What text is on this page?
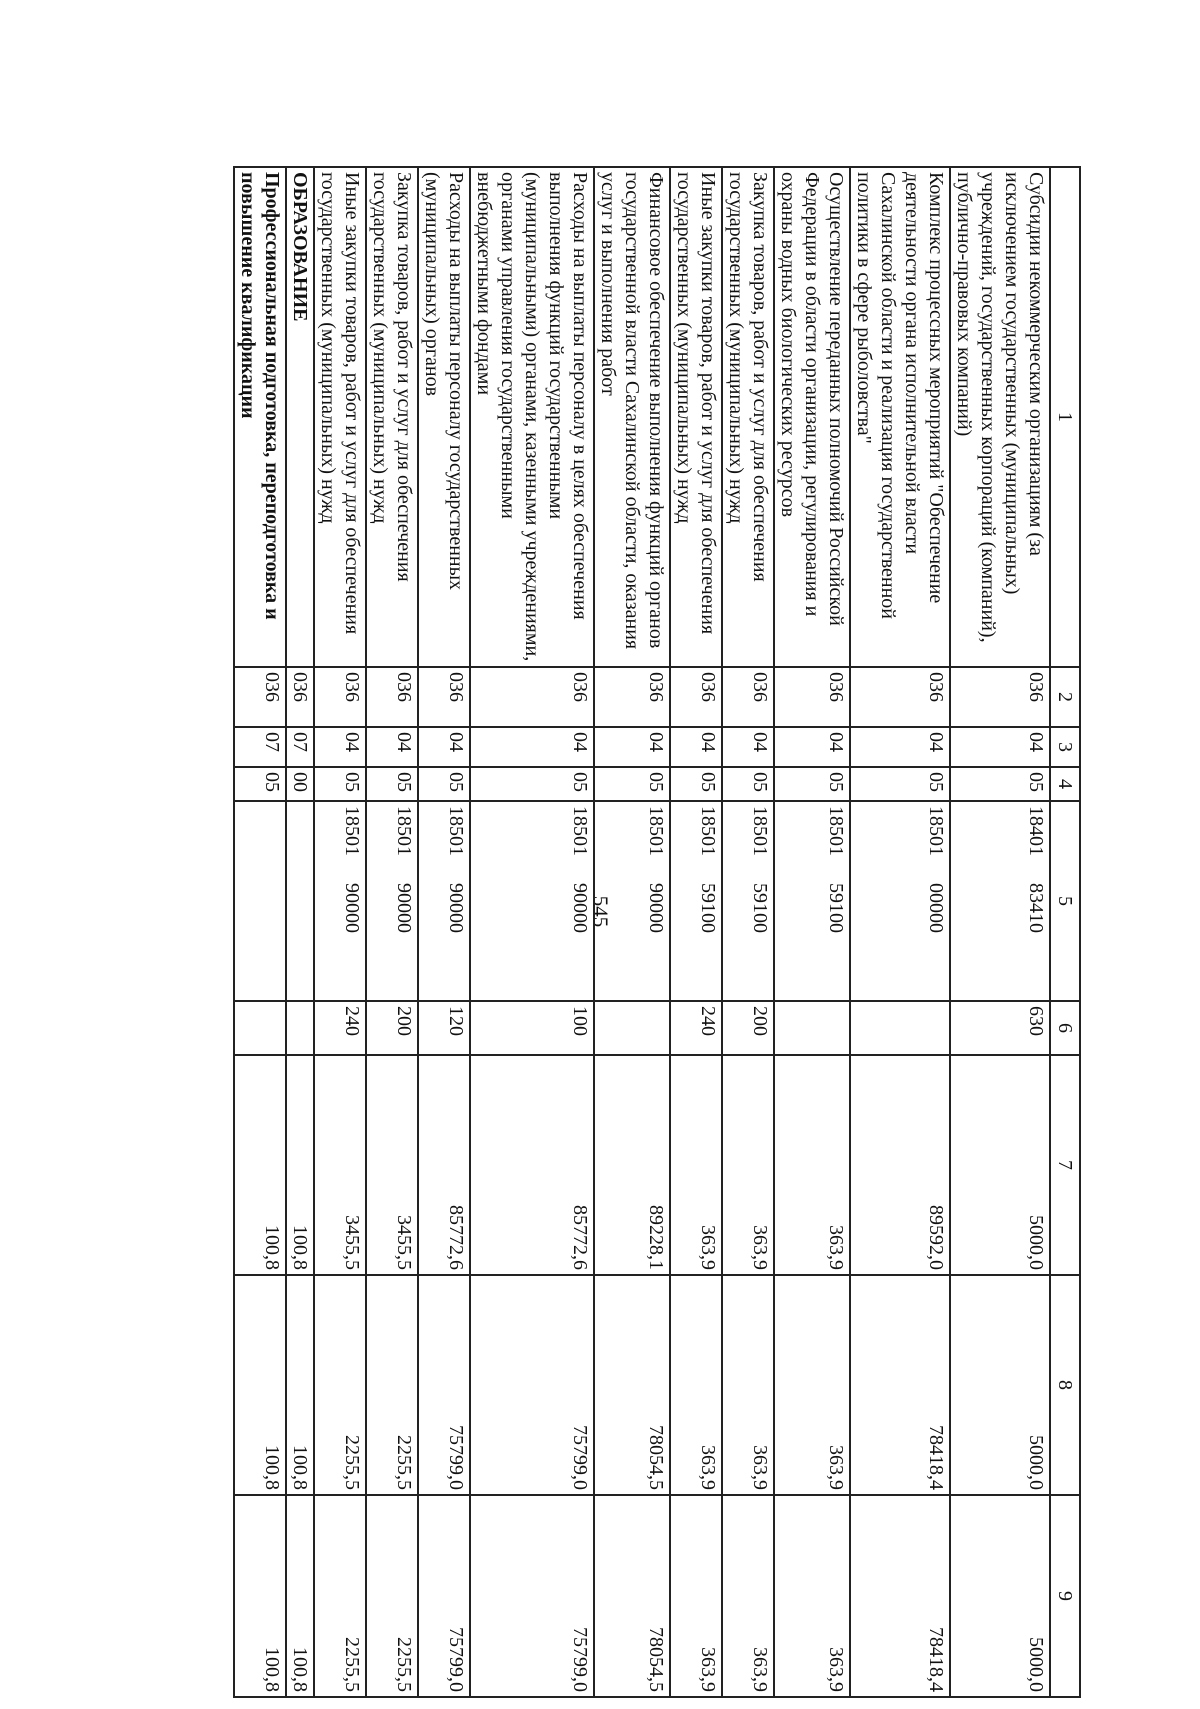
545
1	2	3	4	5	6	7	8	9
Субсидии некоммерческим организациям (за исключением государственных (муниципальных) учреждений, государственных корпораций (компаний), публично-правовых компаний)	036	04	05	18401 83410	630	5000,0	5000,0	5000,0
Комплекс процессных мероприятий "Обеспечение деятельности органа исполнительной власти Сахалинской области и реализация государственной политики в сфере рыболовства"	036	04	05	18501 00000		89592,0	78418,4	78418,4
Осуществление переданных полномочий Российской Федерации в области организации, регулирования и охраны водных биологических ресурсов	036	04	05	18501 59100		363,9	363,9	363,9
Закупка товаров, работ и услуг для обеспечения государственных (муниципальных) нужд	036	04	05	18501 59100	200	363,9	363,9	363,9
Иные закупки товаров, работ и услуг для обеспечения государственных (муниципальных) нужд	036	04	05	18501 59100	240	363,9	363,9	363,9
Финансовое обеспечение выполнения функций органов государственной власти Сахалинской области, оказания услуг и выполнения работ	036	04	05	18501 90000		89228,1	78054,5	78054,5
Расходы на выплаты персоналу в целях обеспечения выполнения функций государственными (муниципальными) органами, казенными учреждениями, органами управления государственными внебюджетными фондами	036	04	05	18501 90000	100	85772,6	75799,0	75799,0
Расходы на выплаты персоналу государственных (муниципальных) органов	036	04	05	18501 90000	120	85772,6	75799,0	75799,0
Закупка товаров, работ и услуг для обеспечения государственных (муниципальных) нужд	036	04	05	18501 90000	200	3455,5	2255,5	2255,5
Иные закупки товаров, работ и услуг для обеспечения государственных (муниципальных) нужд	036	04	05	18501 90000	240	3455,5	2255,5	2255,5
ОБРАЗОВАНИЕ	036	07	00			100,8	100,8	100,8
Профессиональная подготовка, переподготовка и повышение квалификации	036	07	05			100,8	100,8	100,8
